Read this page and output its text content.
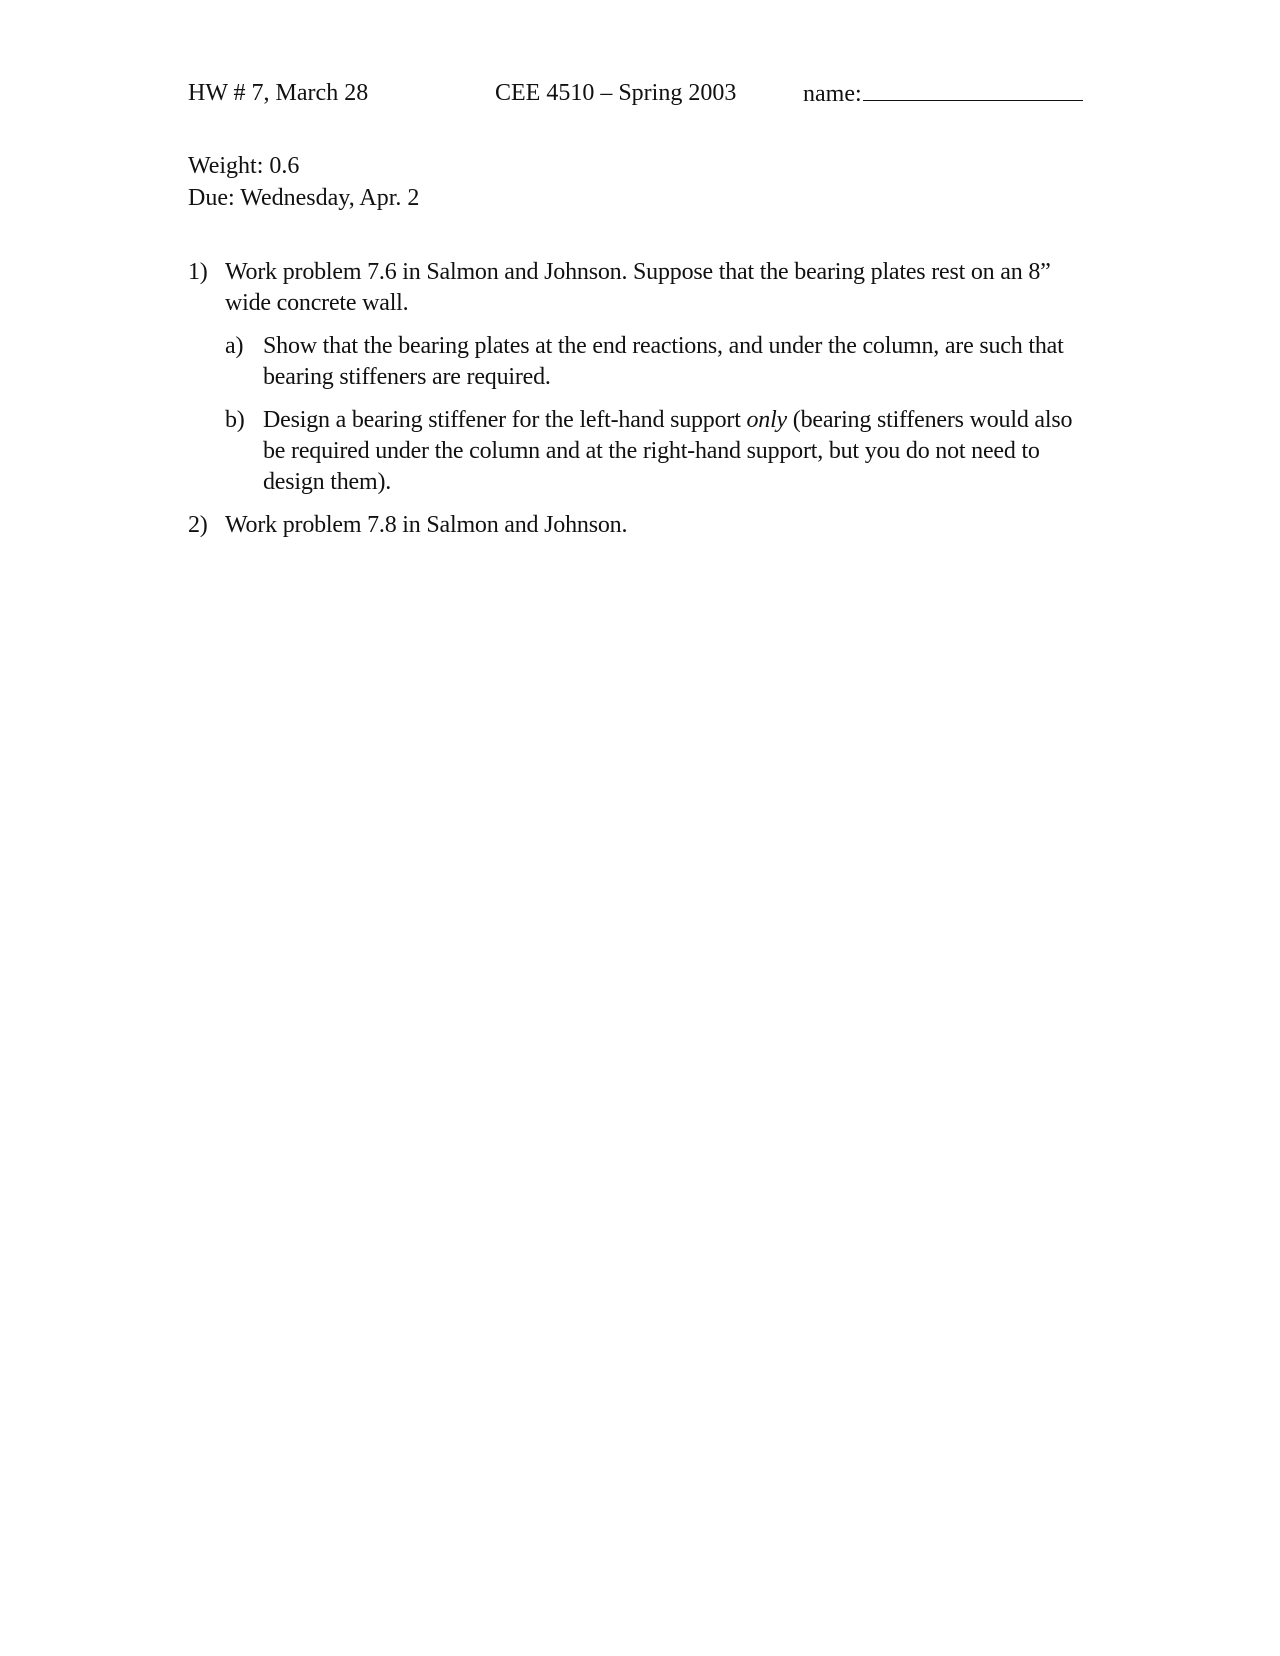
HW # 7, March 28	CEE 4510 – Spring 2003	name:
Weight: 0.6
Due: Wednesday, Apr. 2
1) Work problem 7.6 in Salmon and Johnson. Suppose that the bearing plates rest on an 8” wide concrete wall.
a) Show that the bearing plates at the end reactions, and under the column, are such that bearing stiffeners are required.
b) Design a bearing stiffener for the left-hand support only (bearing stiffeners would also be required under the column and at the right-hand support, but you do not need to design them).
2) Work problem 7.8 in Salmon and Johnson.
